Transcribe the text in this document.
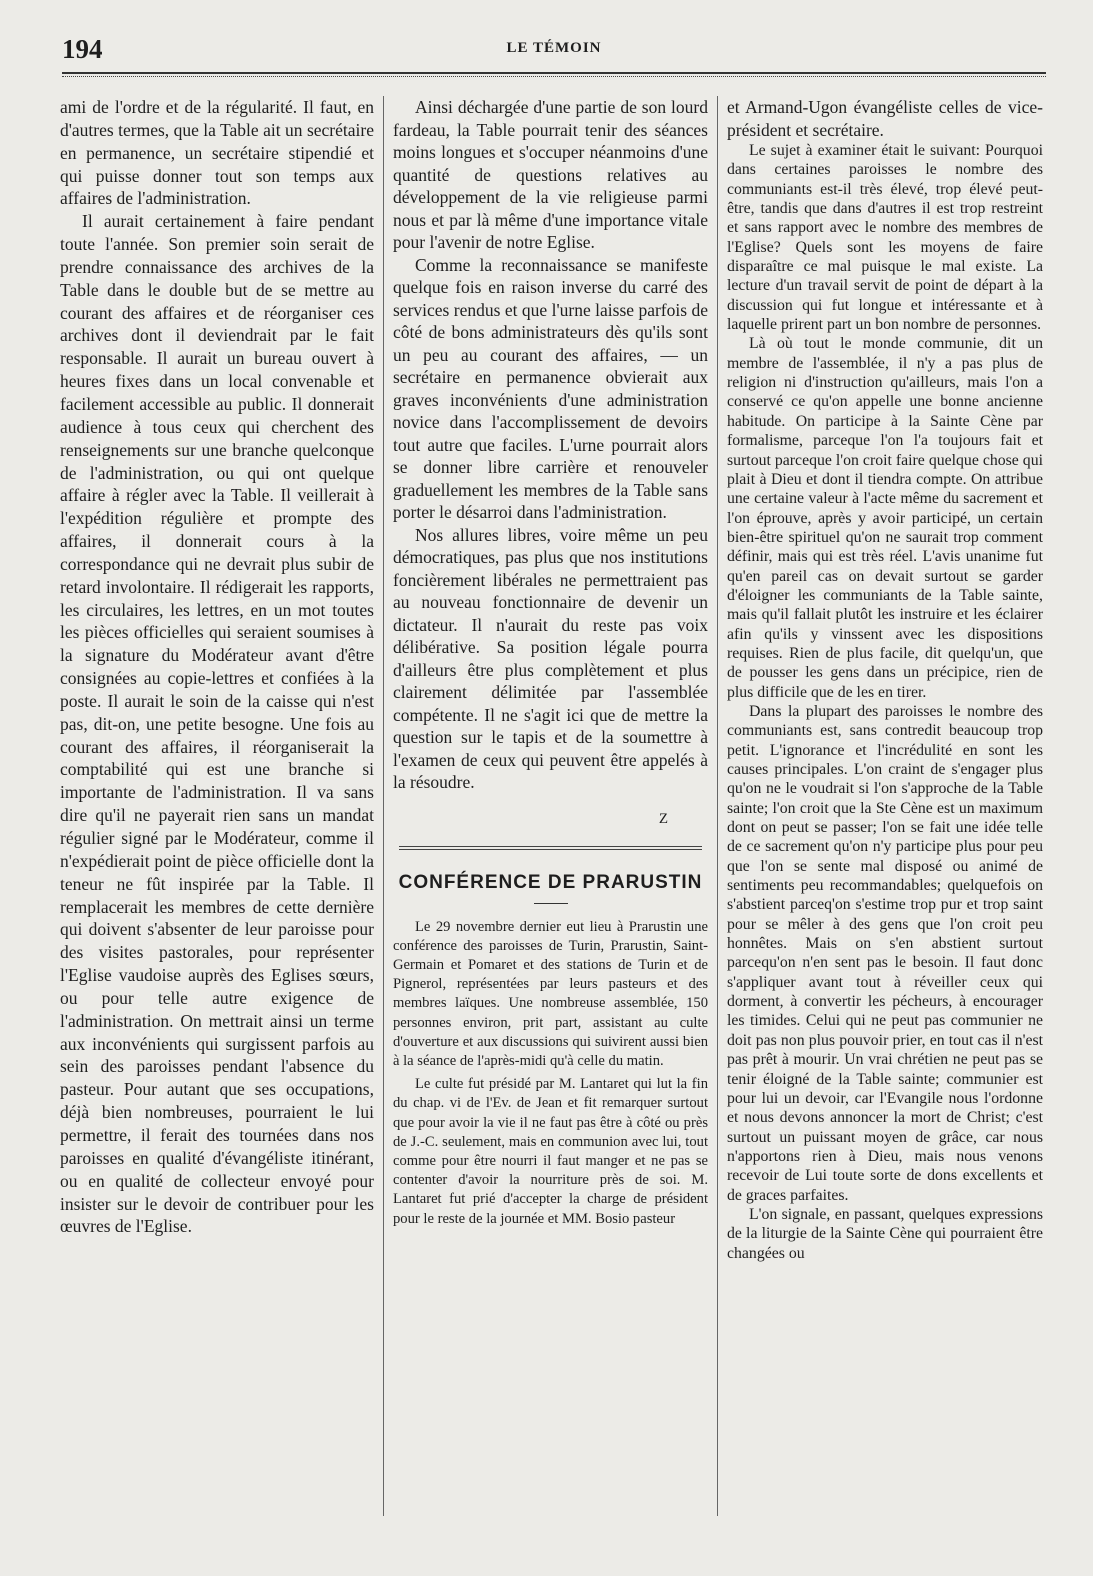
194	LE TÉMOIN

ami de l'ordre et de la régularité. Il faut, en d'autres termes, que la Table ait un secrétaire en permanence, un secrétaire stipendié et qui puisse donner tout son temps aux affaires de l'administration.

Il aurait certainement à faire pendant toute l'année. Son premier soin serait de prendre connaissance des archives de la Table dans le double but de se mettre au courant des affaires et de réorganiser ces archives dont il deviendrait par le fait responsable. Il aurait un bureau ouvert à heures fixes dans un local convenable et facilement accessible au public. Il donnerait audience à tous ceux qui cherchent des renseignements sur une branche quelconque de l'administration, ou qui ont quelque affaire à régler avec la Table. Il veillerait à l'expédition régulière et prompte des affaires, il donnerait cours à la correspondance qui ne devrait plus subir de retard involontaire. Il rédigerait les rapports, les circulaires, les lettres, en un mot toutes les pièces officielles qui seraient soumises à la signature du Modérateur avant d'être consignées au copie-lettres et confiées à la poste. Il aurait le soin de la caisse qui n'est pas, dit-on, une petite besogne. Une fois au courant des affaires, il réorganiserait la comptabilité qui est une branche si importante de l'administration. Il va sans dire qu'il ne payerait rien sans un mandat régulier signé par le Modérateur, comme il n'expédierait point de pièce officielle dont la teneur ne fût inspirée par la Table. Il remplacerait les membres de cette dernière qui doivent s'absenter de leur paroisse pour des visites pastorales, pour représenter l'Eglise vaudoise auprès des Eglises sœurs, ou pour telle autre exigence de l'administration. On mettrait ainsi un terme aux inconvénients qui surgissent parfois au sein des paroisses pendant l'absence du pasteur. Pour autant que ses occupations, déjà bien nombreuses, pourraient le lui permettre, il ferait des tournées dans nos paroisses en qualité d'évangéliste itinérant, ou en qualité de collecteur envoyé pour insister sur le devoir de contribuer pour les œuvres de l'Eglise.

Ainsi déchargée d'une partie de son lourd fardeau, la Table pourrait tenir des séances moins longues et s'occuper néanmoins d'une quantité de questions relatives au développement de la vie religieuse parmi nous et par là même d'une importance vitale pour l'avenir de notre Eglise.

Comme la reconnaissance se manifeste quelque fois en raison inverse du carré des services rendus et que l'urne laisse parfois de côté de bons administrateurs dès qu'ils sont un peu au courant des affaires, — un secrétaire en permanence obvierait aux graves inconvénients d'une administration novice dans l'accomplissement de devoirs tout autre que faciles. L'urne pourrait alors se donner libre carrière et renouveler graduellement les membres de la Table sans porter le désarroi dans l'administration.

Nos allures libres, voire même un peu démocratiques, pas plus que nos institutions foncièrement libérales ne permettraient pas au nouveau fonctionnaire de devenir un dictateur. Il n'aurait du reste pas voix délibérative. Sa position légale pourra d'ailleurs être plus complètement et plus clairement délimitée par l'assemblée compétente. Il ne s'agit ici que de mettre la question sur le tapis et de la soumettre à l'examen de ceux qui peuvent être appelés à la résoudre.

Z

CONFÉRENCE DE PRARUSTIN

Le 29 novembre dernier eut lieu à Prarustin une conférence des paroisses de Turin, Prarustin, Saint-Germain et Pomaret et des stations de Turin et de Pignerol, représentées par leurs pasteurs et des membres laïques. Une nombreuse assemblée, 150 personnes environ, prit part, assistant au culte d'ouverture et aux discussions qui suivirent aussi bien à la séance de l'après-midi qu'à celle du matin.

Le culte fut présidé par M. Lantaret qui lut la fin du chap. vi de l'Ev. de Jean et fit remarquer surtout que pour avoir la vie il ne faut pas être à côté ou près de J.-C. seulement, mais en communion avec lui, tout comme pour être nourri il faut manger et ne pas se contenter d'avoir la nourriture près de soi. M. Lantaret fut prié d'accepter la charge de président pour le reste de la journée et MM. Bosio pasteur

et Armand-Ugon évangéliste celles de vice-président et secrétaire.

Le sujet à examiner était le suivant: Pourquoi dans certaines paroisses le nombre des communiants est-il très élevé, trop élevé peut-être, tandis que dans d'autres il est trop restreint et sans rapport avec le nombre des membres de l'Eglise? Quels sont les moyens de faire disparaître ce mal puisque le mal existe. La lecture d'un travail servit de point de départ à la discussion qui fut longue et intéressante et à laquelle prirent part un bon nombre de personnes.

Là où tout le monde communie, dit un membre de l'assemblée, il n'y a pas plus de religion ni d'instruction qu'ailleurs, mais l'on a conservé ce qu'on appelle une bonne ancienne habitude. On participe à la Sainte Cène par formalisme, parceque l'on l'a toujours fait et surtout parceque l'on croit faire quelque chose qui plait à Dieu et dont il tiendra compte. On attribue une certaine valeur à l'acte même du sacrement et l'on éprouve, après y avoir participé, un certain bien-être spirituel qu'on ne saurait trop comment définir, mais qui est très réel. L'avis unanime fut qu'en pareil cas on devait surtout se garder d'éloigner les communiants de la Table sainte, mais qu'il fallait plutôt les instruire et les éclairer afin qu'ils y vinssent avec les dispositions requises. Rien de plus facile, dit quelqu'un, que de pousser les gens dans un précipice, rien de plus difficile que de les en tirer.

Dans la plupart des paroisses le nombre des communiants est, sans contredit beaucoup trop petit. L'ignorance et l'incrédulité en sont les causes principales. L'on craint de s'engager plus qu'on ne le voudrait si l'on s'approche de la Table sainte; l'on croit que la Ste Cène est un maximum dont on peut se passer; l'on se fait une idée telle de ce sacrement qu'on n'y participe plus pour peu que l'on se sente mal disposé ou animé de sentiments peu recommandables; quelquefois on s'abstient parceq'on s'estime trop pur et trop saint pour se mêler à des gens que l'on croit peu honnêtes. Mais on s'en abstient surtout parcequ'on n'en sent pas le besoin. Il faut donc s'appliquer avant tout à réveiller ceux qui dorment, à convertir les pécheurs, à encourager les timides. Celui qui ne peut pas communier ne doit pas non plus pouvoir prier, en tout cas il n'est pas prêt à mourir. Un vrai chrétien ne peut pas se tenir éloigné de la Table sainte; communier est pour lui un devoir, car l'Evangile nous l'ordonne et nous devons annoncer la mort de Christ; c'est surtout un puissant moyen de grâce, car nous n'apportons rien à Dieu, mais nous venons recevoir de Lui toute sorte de dons excellents et de graces parfaites.

L'on signale, en passant, quelques expressions de la liturgie de la Sainte Cène qui pourraient être changées ou
